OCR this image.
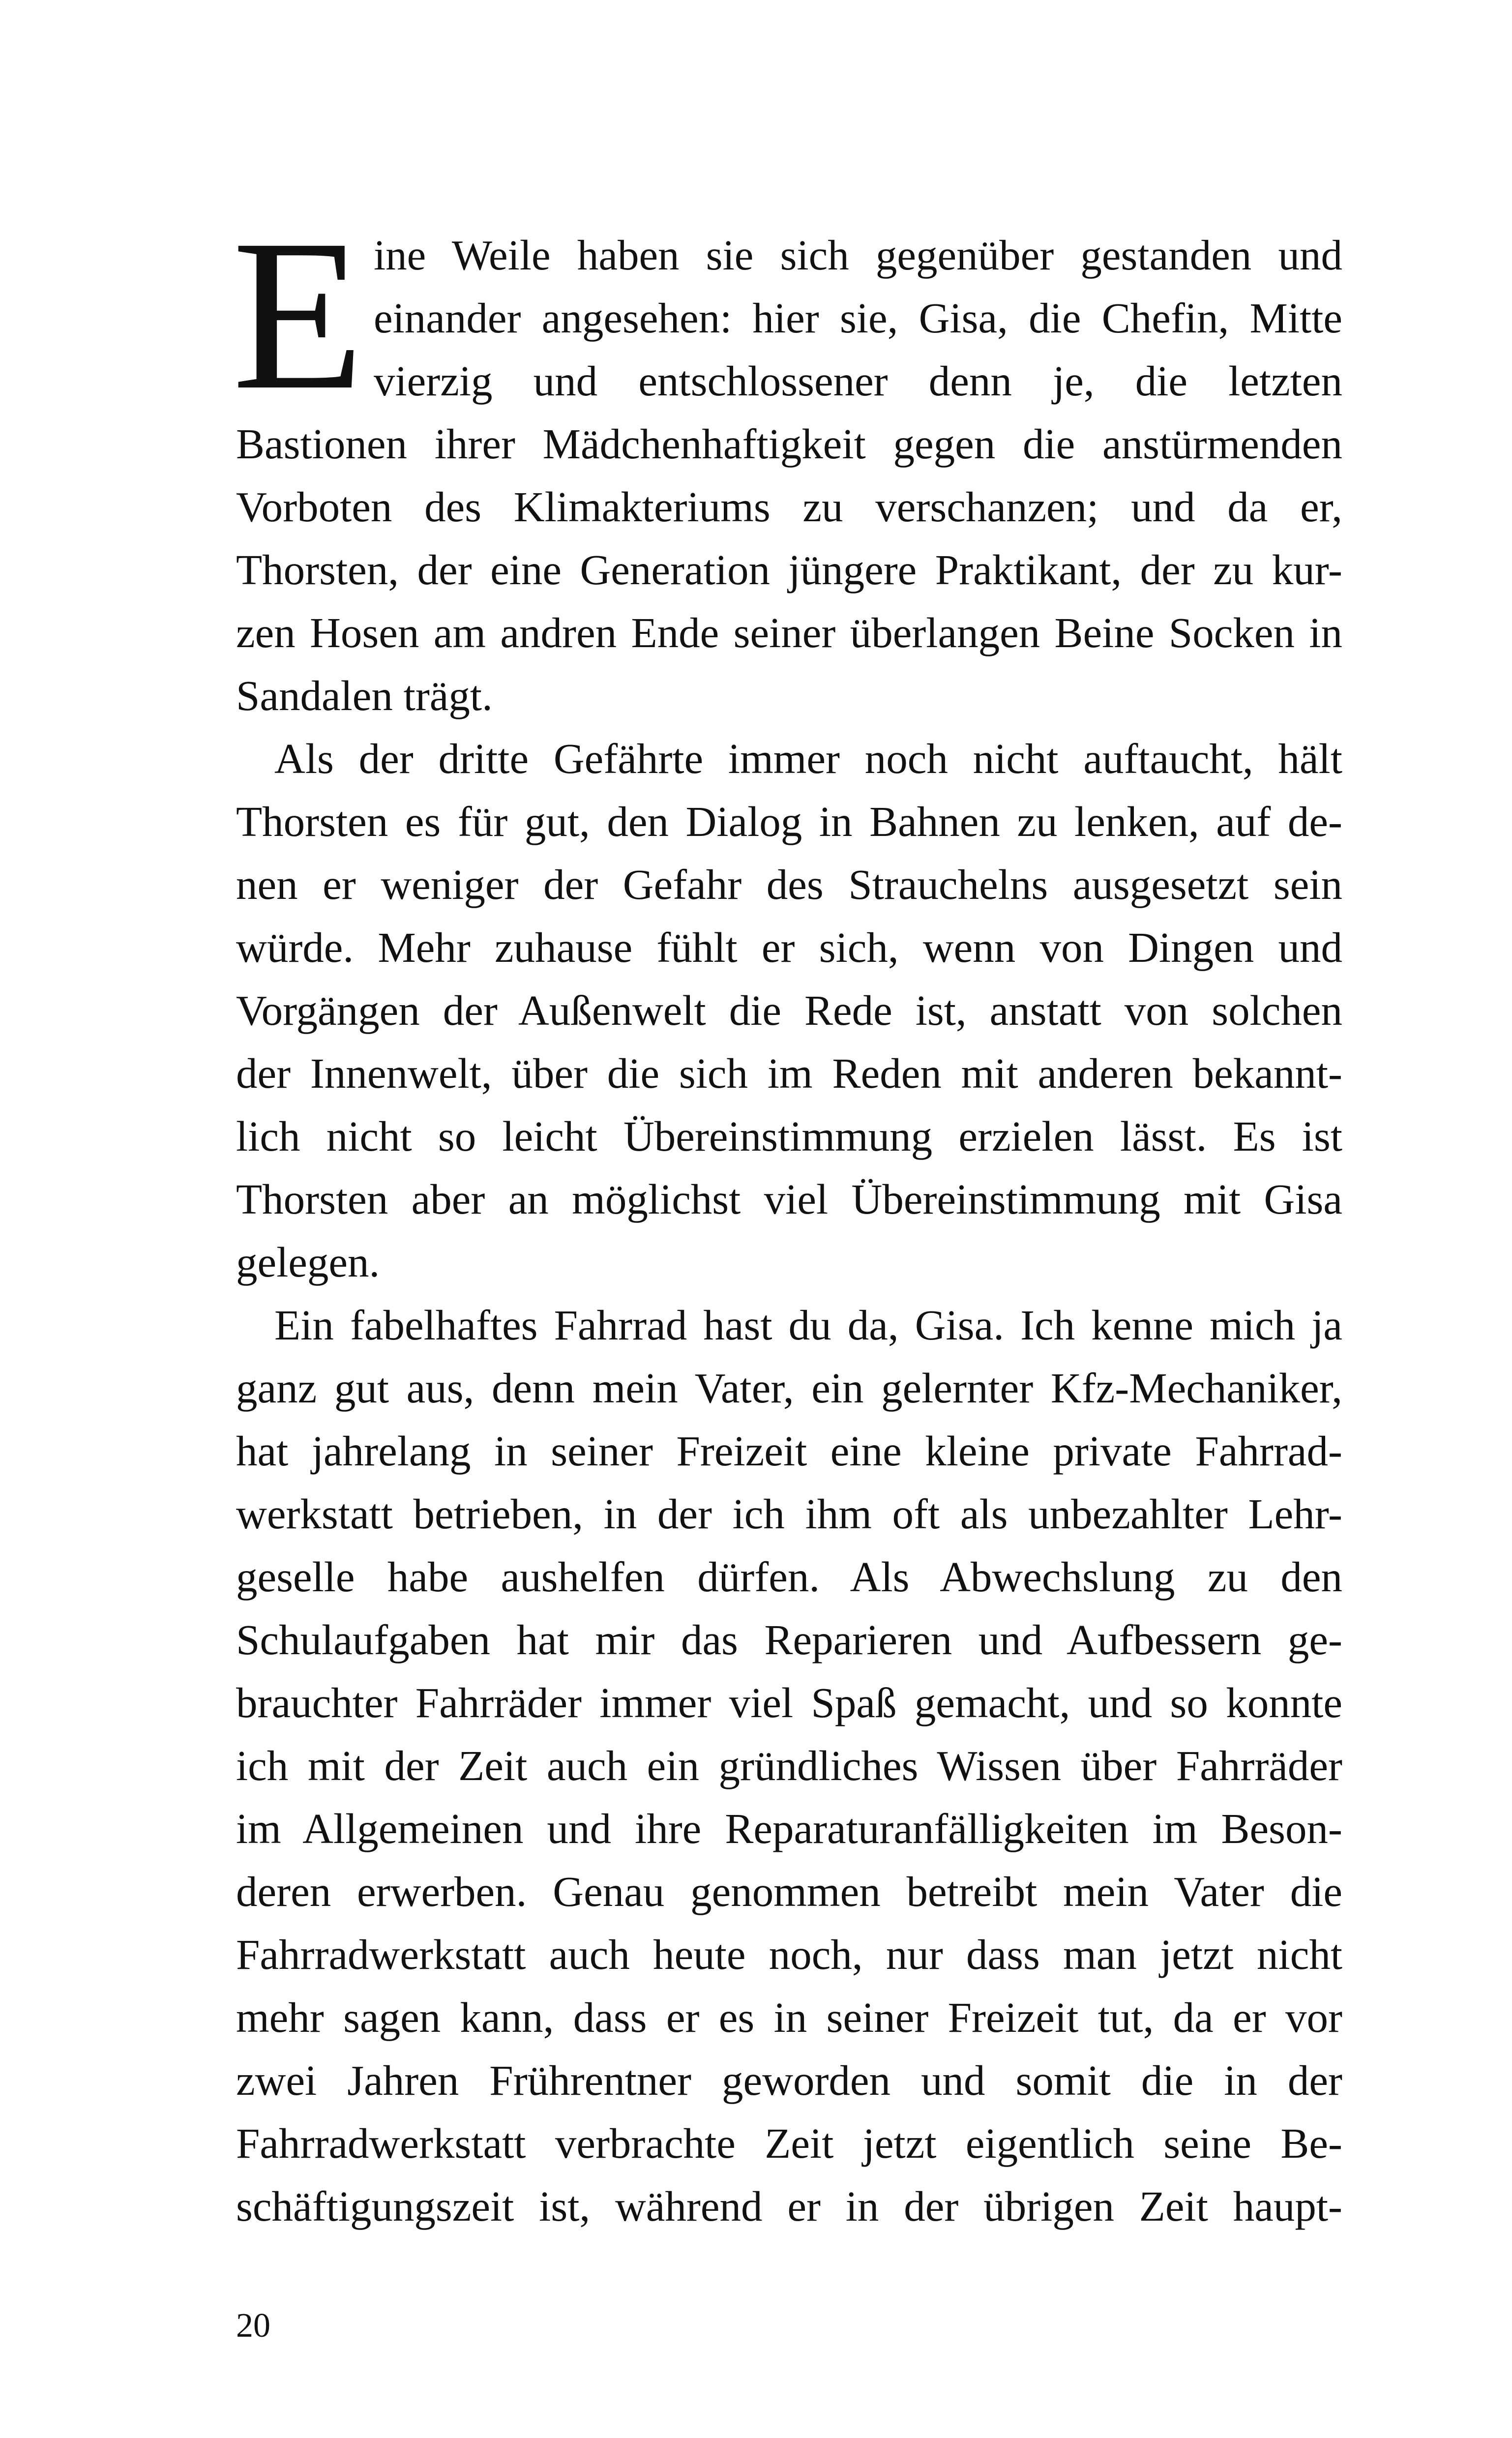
E ine Weile haben sie sich gegenüber gestanden und
einander angesehen: hier sie, Gisa, die Chefin, Mitte
vierzig und entschlossener denn je, die letzten
Bastionen ihrer Mädchenhaftigkeit gegen die anstürmenden
Vorboten des Klimakteriums zu verschanzen; und da er,
Thorsten, der eine Generation jüngere Praktikant, der zu kur-
zen Hosen am andren Ende seiner überlangen Beine Socken in
Sandalen trägt.
Als der dritte Gefährte immer noch nicht auftaucht, hält
Thorsten es für gut, den Dialog in Bahnen zu lenken, auf de-
nen er weniger der Gefahr des Strauchelns ausgesetzt sein
würde. Mehr zuhause fühlt er sich, wenn von Dingen und
Vorgängen der Außenwelt die Rede ist, anstatt von solchen
der Innenwelt, über die sich im Reden mit anderen bekannt-
lich nicht so leicht Übereinstimmung erzielen lässt. Es ist
Thorsten aber an möglichst viel Übereinstimmung mit Gisa
gelegen.
Ein fabelhaftes Fahrrad hast du da, Gisa. Ich kenne mich ja
ganz gut aus, denn mein Vater, ein gelernter Kfz-Mechaniker,
hat jahrelang in seiner Freizeit eine kleine private Fahrrad-
werkstatt betrieben, in der ich ihm oft als unbezahlter Lehr-
geselle habe aushelfen dürfen. Als Abwechslung zu den
Schulaufgaben hat mir das Reparieren und Aufbessern ge-
brauchter Fahrräder immer viel Spaß gemacht, und so konnte
ich mit der Zeit auch ein gründliches Wissen über Fahrräder
im Allgemeinen und ihre Reparaturanfälligkeiten im Beson-
deren erwerben. Genau genommen betreibt mein Vater die
Fahrradwerkstatt auch heute noch, nur dass man jetzt nicht
mehr sagen kann, dass er es in seiner Freizeit tut, da er vor
zwei Jahren Frührentner geworden und somit die in der
Fahrradwerkstatt verbrachte Zeit jetzt eigentlich seine Be-
schäftigungszeit ist, während er in der übrigen Zeit haupt-
20
